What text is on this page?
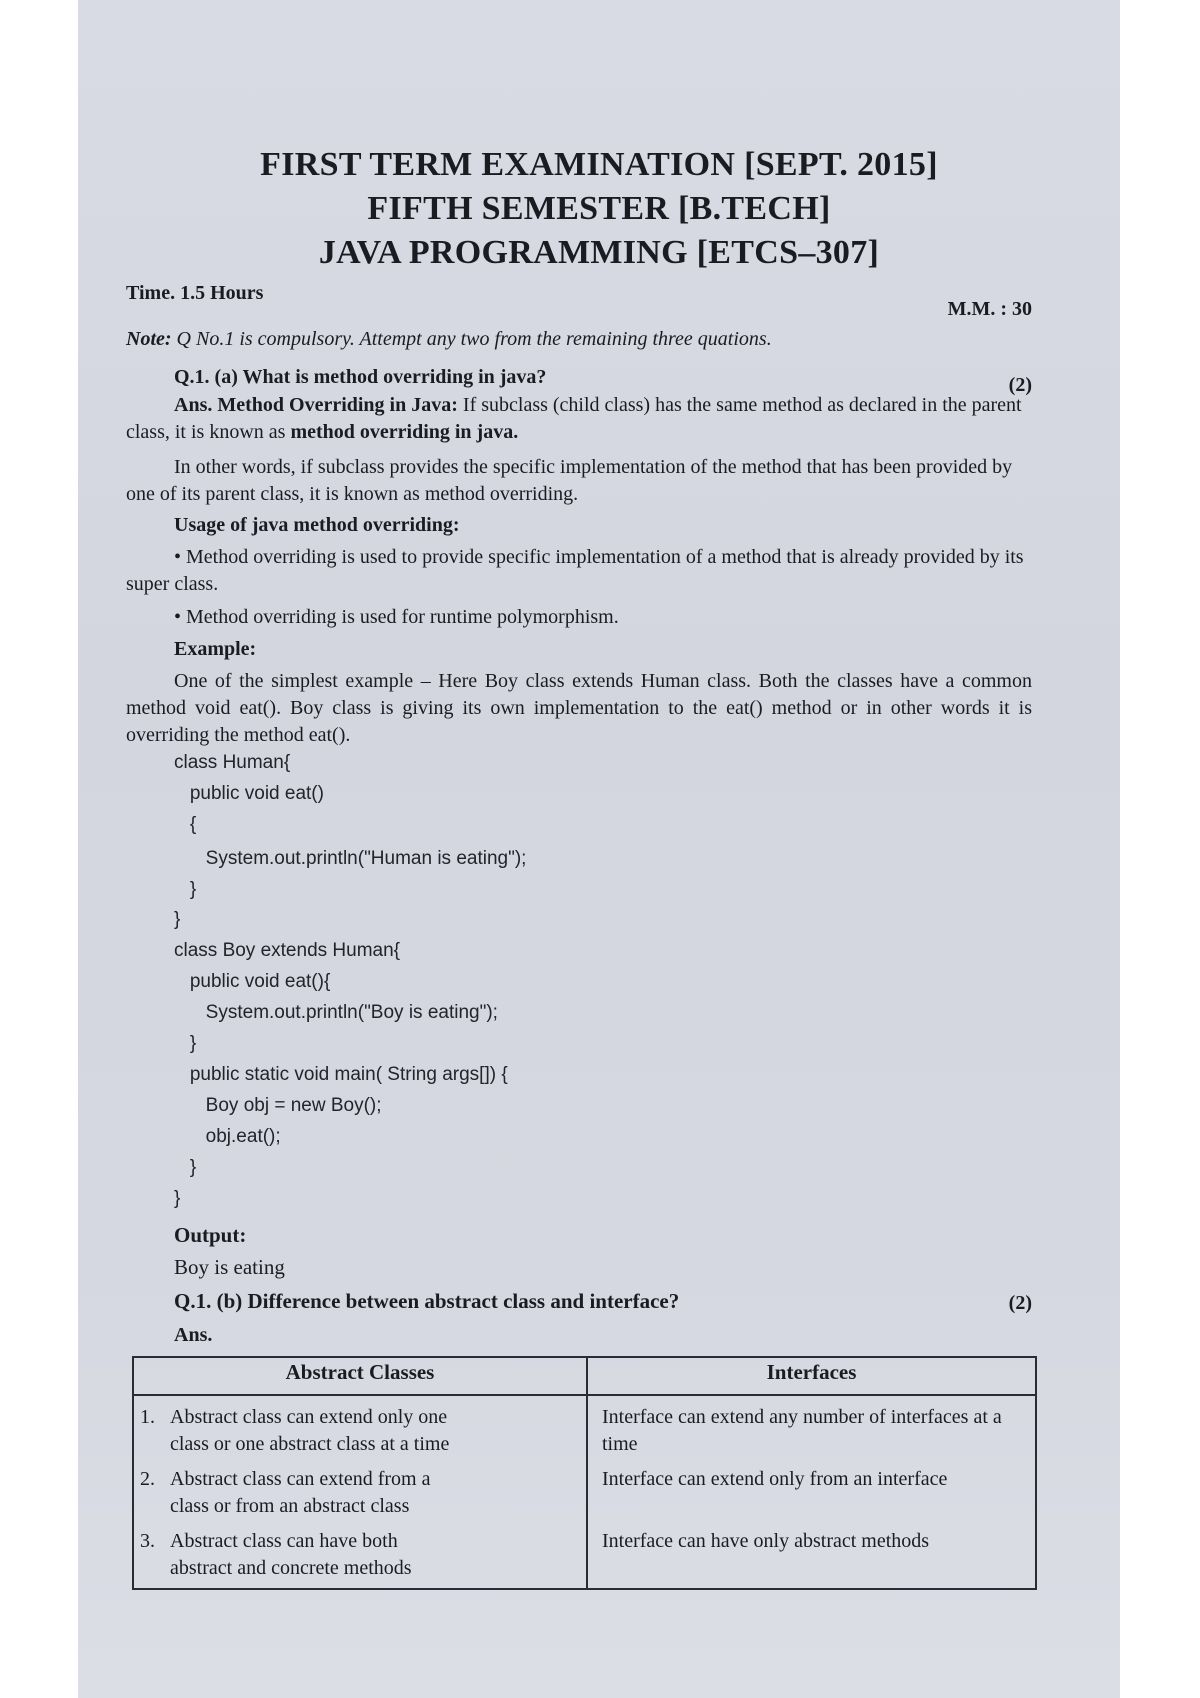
FIRST TERM EXAMINATION [SEPT. 2015]
FIFTH SEMESTER [B.TECH]
JAVA PROGRAMMING [ETCS–307]
Time. 1.5 Hours
M.M. : 30
Note: Q No.1 is compulsory. Attempt any two from the remaining three quations.
Q.1. (a) What is method overriding in java?	(2)
Ans. Method Overriding in Java: If subclass (child class) has the same method as declared in the parent class, it is known as method overriding in java.
In other words, if subclass provides the specific implementation of the method that has been provided by one of its parent class, it is known as method overriding.
Usage of java method overriding:
• Method overriding is used to provide specific implementation of a method that is already provided by its super class.
• Method overriding is used for runtime polymorphism.
Example:
One of the simplest example – Here Boy class extends Human class. Both the classes have a common method void eat(). Boy class is giving its own implementation to the eat() method or in other words it is overriding the method eat().
class Human{
public void eat()
{
System.out.println("Human is eating");
}
}
class Boy extends Human{
public void eat(){
System.out.println("Boy is eating");
}
public static void main( String args[]) {
Boy obj = new Boy();
obj.eat();
}
}
Output:
Boy is eating
Q.1. (b) Difference between abstract class and interface?	(2)
Ans.
Abstract Classes	Interfaces
1. Abstract class can extend only one
class or one abstract class at a time	Interface can extend any number of interfaces at a time
2. Abstract class can extend from a
class or from an abstract class	Interface can extend only from an interface
3. Abstract class can have both
abstract and concrete methods	Interface can have only abstract methods
